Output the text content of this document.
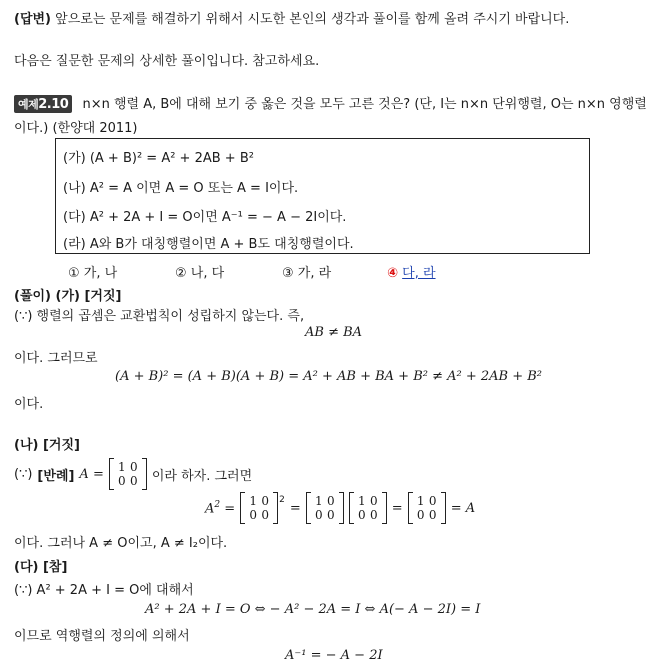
(답변) 앞으로는 문제를 해결하기 위해서 시도한 본인의 생각과 풀이를 함께 올려 주시기 바랍니다.
다음은 질문한 문제의 상세한 풀이입니다. 참고하세요.
예제2.10 n×n 행렬 A, B에 대해 보기 중 옳은 것을 모두 고른 것은? (단, I는 n×n 단위행렬, O는 n×n 영행렬
이다.) (한양대 2011)
(가) (A + B)² = A² + 2AB + B²
(나) A² = A 이면 A = O 또는 A = I이다.
(다) A² + 2A + I = O이면 A⁻¹ = − A − 2I이다.
(라) A와 B가 대칭행렬이면 A + B도 대칭행렬이다.
① 가, 나	② 나, 다	③ 가, 라	④ 다, 라
(풀이) (가) [거짓]
(∵) 행렬의 곱셈은 교환법칙이 성립하지 않는다. 즉,
AB ≠ BA
이다. 그러므로
(A + B)² = (A + B)(A + B) = A² + AB + BA + B² ≠ A² + 2AB + B²
이다.
(나) [거짓]
(∵) [반례] A = 1 0
0 0 이라 하자. 그러면
$A^2$ =
1 0
0 0
$^2$
= 1 0
0 0
1 0
0 0 = 1 0
0 0 = A
이다. 그러나 A ≠ O이고, A ≠ I₂이다.
(다) [참]
(∵) A² + 2A + I = O에 대해서
A² + 2A + I = O ⇔ − A² − 2A = I ⇔ A(− A − 2I) = I
이므로 역행렬의 정의에 의해서
A⁻¹ = − A − 2I
